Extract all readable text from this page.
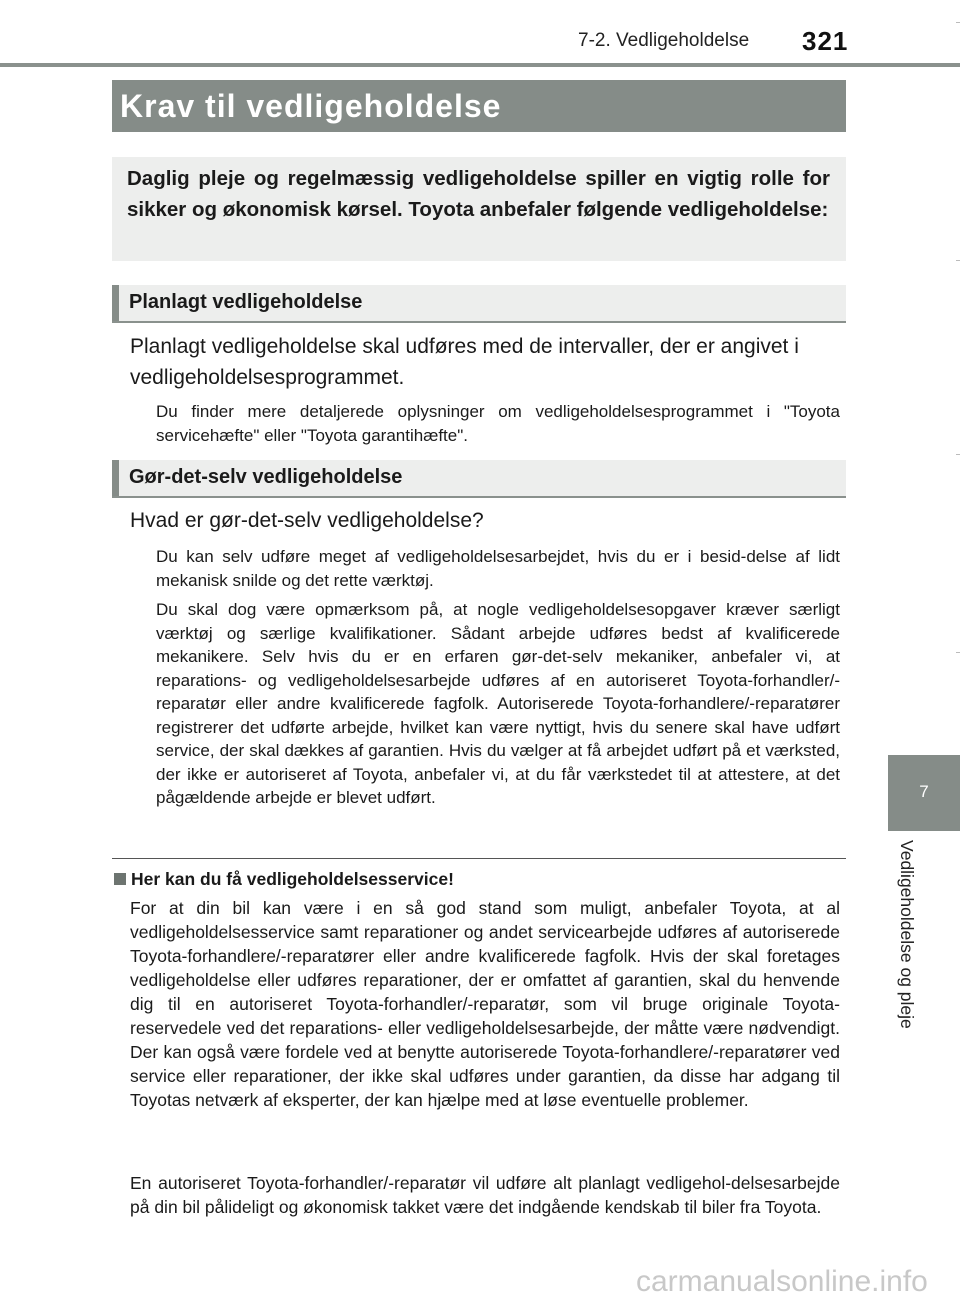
7-2. Vedligeholdelse 321
Krav til vedligeholdelse
Daglig pleje og regelmæssig vedligeholdelse spiller en vigtig rolle for sikker og økonomisk kørsel. Toyota anbefaler følgende vedligeholdelse:
Planlagt vedligeholdelse
Planlagt vedligeholdelse skal udføres med de intervaller, der er angivet i vedligeholdelsesprogrammet.
Du finder mere detaljerede oplysninger om vedligeholdelsesprogrammet i "Toyota servicehæfte" eller "Toyota garantihæfte".
Gør-det-selv vedligeholdelse
Hvad er gør-det-selv vedligeholdelse?
Du kan selv udføre meget af vedligeholdelsesarbejdet, hvis du er i besid-delse af lidt mekanisk snilde og det rette værktøj.
Du skal dog være opmærksom på, at nogle vedligeholdelsesopgaver kræver særligt værktøj og særlige kvalifikationer. Sådant arbejde udføres bedst af kvalificerede mekanikere. Selv hvis du er en erfaren gør-det-selv mekaniker, anbefaler vi, at reparations- og vedligeholdelsesarbejde udføres af en autoriseret Toyota-forhandler/-reparatør eller andre kvalificerede fagfolk. Autoriserede Toyota-forhandlere/-reparatører registrerer det udførte arbejde, hvilket kan være nyttigt, hvis du senere skal have udført service, der skal dækkes af garantien. Hvis du vælger at få arbejdet udført på et værksted, der ikke er autoriseret af Toyota, anbefaler vi, at du får værkstedet til at attestere, at det pågældende arbejde er blevet udført.
Her kan du få vedligeholdelsesservice!
For at din bil kan være i en så god stand som muligt, anbefaler Toyota, at al vedligeholdelsesservice samt reparationer og andet servicearbejde udføres af autoriserede Toyota-forhandlere/-reparatører eller andre kvalificerede fagfolk. Hvis der skal foretages vedligeholdelse eller udføres reparationer, der er omfattet af garantien, skal du henvende dig til en autoriseret Toyota-forhandler/-reparatør, som vil bruge originale Toyota-reservedele ved det reparations- eller vedligeholdelsesarbejde, der måtte være nødvendigt. Der kan også være fordele ved at benytte autoriserede Toyota-forhandlere/-reparatører ved service eller reparationer, der ikke skal udføres under garantien, da disse har adgang til Toyotas netværk af eksperter, der kan hjælpe med at løse eventuelle problemer.
En autoriseret Toyota-forhandler/-reparatør vil udføre alt planlagt vedligehol-delsesarbejde på din bil pålideligt og økonomisk takket være det indgående kendskab til biler fra Toyota.
7
Vedligeholdelse og pleje
carmanualsonline.info
